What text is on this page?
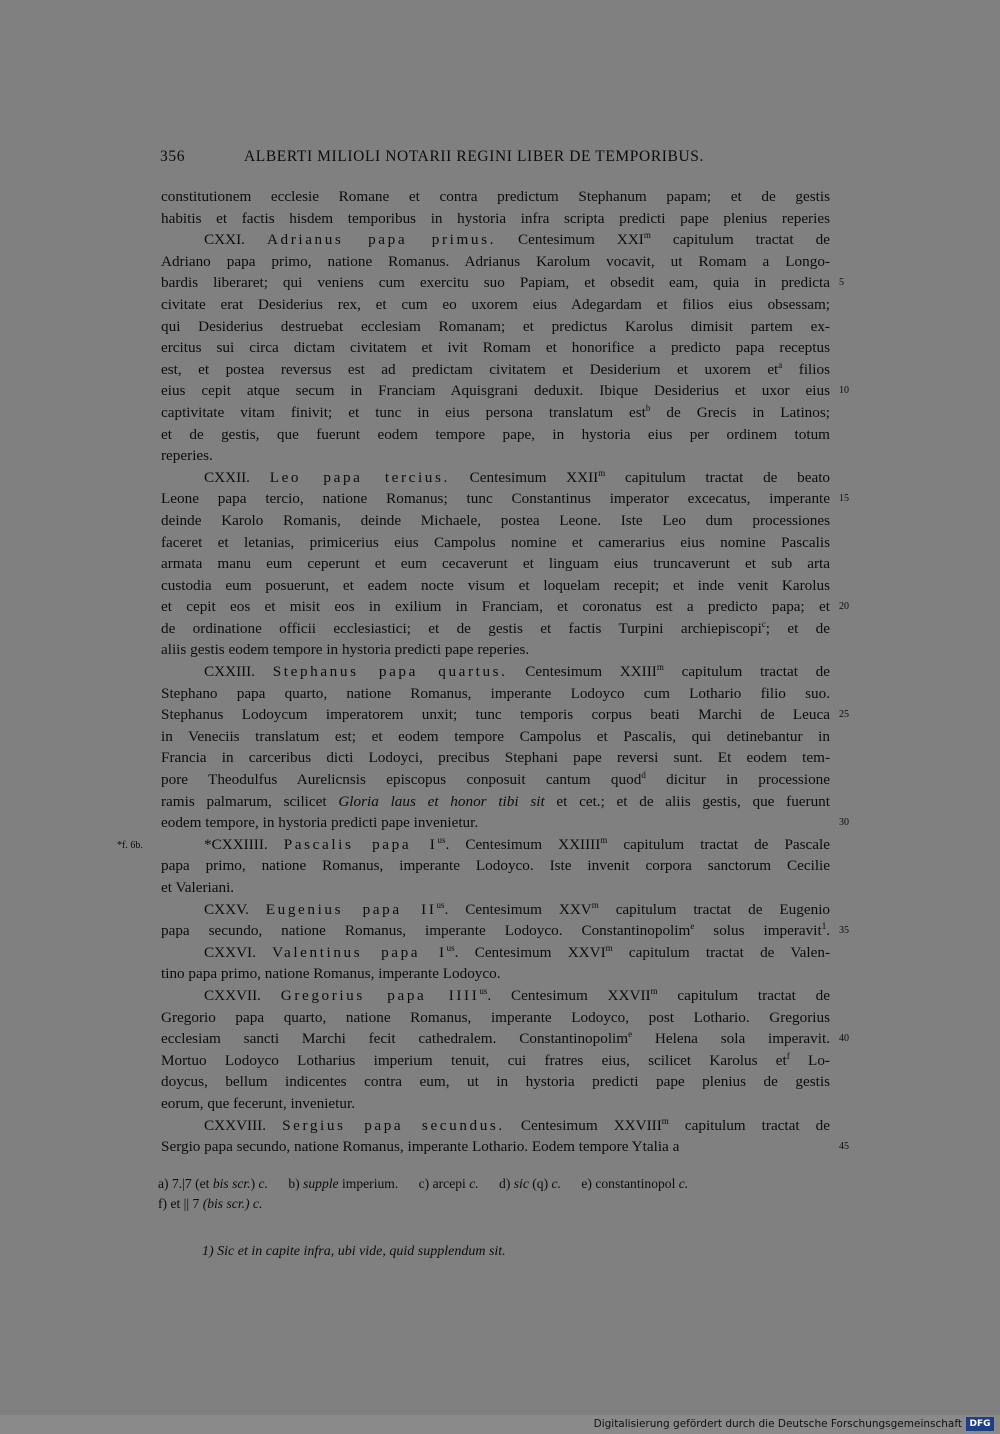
356	ALBERTI MILIOLI NOTARII REGINI LIBER DE TEMPORIBUS.
constitutionem ecclesie Romane et contra predictum Stephanum papam; et de gestis
habitis et factis hisdem temporibus in hystoria infra scripta predicti pape plenius reperies
CXXI. Adrianus papa primus. Centesimum XXI$^m$ capitulum tractat de
Adriano papa primo, natione Romanus. Adrianus Karolum vocavit, ut Romam a Longo-
bardis liberaret; qui veniens cum exercitu suo Papiam, et obsedit eam, quia in predicta 5
civitate erat Desiderius rex, et cum eo uxorem eius Adegardam et filios eius obsessam;
qui Desiderius destruebat ecclesiam Romanam; et predictus Karolus dimisit partem ex-
ercitus sui circa dictam civitatem et ivit Romam et honorifice a predicto papa receptus
est, et postea reversus est ad predictam civitatem et Desiderium et uxorem $et^a$ filios
eius cepit atque secum in Franciam Aquisgrani deduxit. Ibique Desiderius et uxor eius 10
captivitate vitam finivit; et tunc in eius persona translatum est$^b$ de Grecis in Latinos;
et de gestis, que fuerunt eodem tempore pape, in hystoria eius per ordinem totum
reperies.
CXXII. Leo papa tercius. Centesimum XXII$^m$ capitulum tractat de beato
Leone papa tercio, natione Romanus; tunc Constantinus imperator excecatus, imperante 15
deinde Karolo Romanis, deinde Michaele, postea Leone. Iste Leo dum processiones
faceret et letanias, primicerius eius Campolus nomine et camerarius eius nomine Pascalis
armata manu eum ceperunt et eum cecaverunt et linguam eius truncaverunt et sub arta
custodia eum posuerunt, et eadem nocte visum et loquelam recepit; et inde venit Karolus
et cepit eos et misit eos in exilium in Franciam, et coronatus est a predicto papa; et 20
de ordinatione officii ecclesiastici; et de gestis et factis Turpini archiepiscopi$^c$; et de
aliis gestis eodem tempore in hystoria predicti pape reperies.
CXXIII. Stephanus papa quartus. Centesimum XXIII$^m$ capitulum tractat de
Stephano papa quarto, natione Romanus, imperante Lodoyco cum Lothario filio suo.
Stephanus Lodoycum imperatorem unxit; tunc temporis corpus beati Marchi de Leuca 25
in Veneciis translatum est; et eodem tempore Campolus et Pascalis, qui detinebantur in
Francia in carceribus dicti Lodoyci, precibus Stephani pape reversi sunt. Et eodem tem-
pore Theodulfus Aurelicnsis episcopus conposuit cantum quod$^d$ dicitur in processione
ramis palmarum, scilicet Gloria laus et honor tibi sit et cet.; et de aliis gestis, que fuerunt
eodem tempore, in hystoria predicti pape invenietur.	30
*CXXIIII. Pascalis papa $I^{us}$. Centesimum XXIIII$^m$ capitulum tractat de Pascale
*f. 6b.
papa primo, natione Romanus, imperante Lodoyco. Iste invenit corpora sanctorum Cecilie
et Valeriani.
CXXV. Eugenius papa $II^{us}$. Centesimum XXV$^m$ capitulum tractat de Eugenio
papa secundo, natione Romanus, imperante Lodoyco. Constantinopolim$^e$ solus imperavit$^1$. 35
CXXVI. Valentinus papa $I^{us}$. Centesimum XXVI$^m$ capitulum tractat de Valen-
tino papa primo, natione Romanus, imperante Lodoyco.
CXXVII. Gregorius papa $IIII^{us}$. Centesimum XXVII$^m$ capitulum tractat de
Gregorio papa quarto, natione Romanus, imperante Lodoyco, post Lothario. Gregorius
ecclesiam sancti Marchi fecit cathedralem. Constantinopolim$^e$ Helena sola imperavit. 40
Mortuo Lodoyco Lotharius imperium tenuit, cui fratres eius, scilicet Karolus $et^f$ Lo-
doycus, bellum indicentes contra eum, ut in hystoria predicti pape plenius de gestis
eorum, que fecerunt, invenietur.
CXXVIII. Sergius papa secundus. Centesimum XXVIII$^m$ capitulum tractat de
Sergio papa secundo, natione Romanus, imperante Lothario. Eodem tempore Ytalia a	45
a) 7.|7 (et bis scr.) c.      b) supple imperium.      c) arcepi c.      d) sic (q) c.      e) constantinopol c.
f) et || 7 (bis scr.) c.
1) Sic et in capite infra, ubi vide, quid supplendum sit.
Digitalisierung gefördert durch die Deutsche Forschungsgemeinschaft DFG
